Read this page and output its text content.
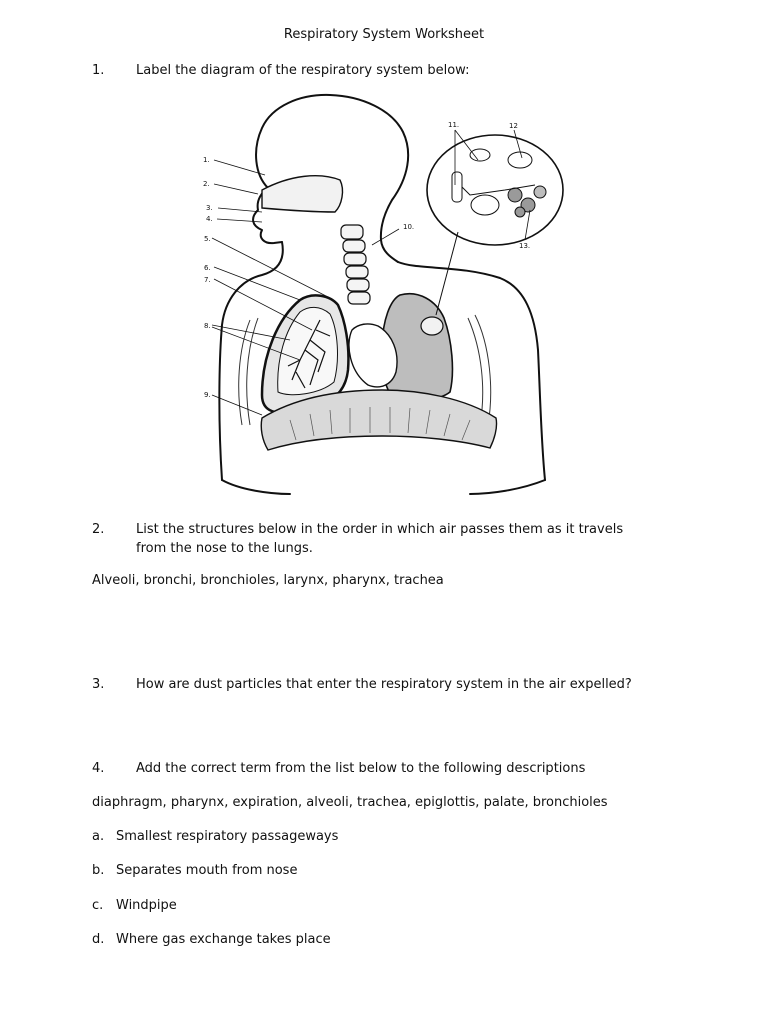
Respiratory System Worksheet
1. Label the diagram of the respiratory system below:
1.
2.
3.
4.
5.
6.
7.
8.
9.
10.
11.	12
13.
2. List the structures below in the order in which air passes them as it travels
from the nose to the lungs.
Alveoli, bronchi, bronchioles, larynx, pharynx, trachea
3. How are dust particles that enter the respiratory system in the air expelled?
4. Add the correct term from the list below to the following descriptions
diaphragm, pharynx, expiration, alveoli, trachea, epiglottis, palate, bronchioles
a. Smallest respiratory passageways
b. Separates mouth from nose
c. Windpipe
d. Where gas exchange takes place
